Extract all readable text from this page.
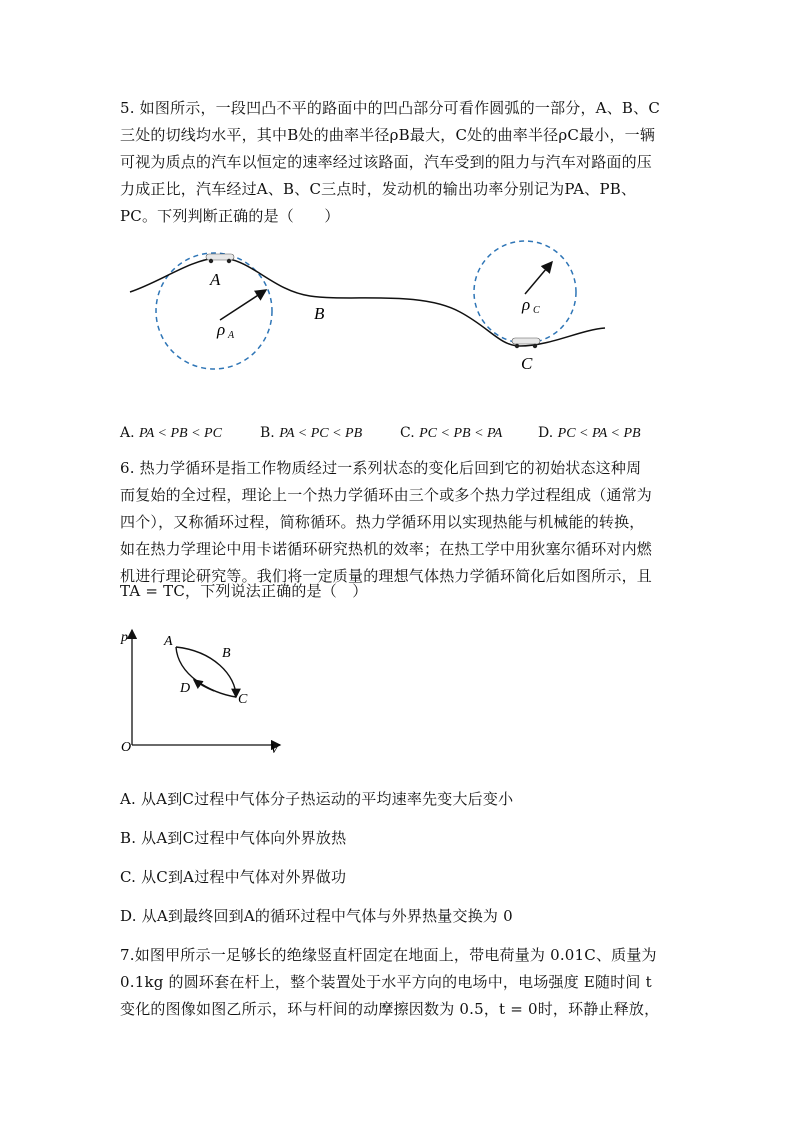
5. 如图所示，一段凹凸不平的路面中的凹凸部分可看作圆弧的一部分，A、B、C
三处的切线均水平，其中B处的曲率半径ρB最大，C处的曲率半径ρC最小，一辆
可视为质点的汽车以恒定的速率经过该路面，汽车受到的阻力与汽车对路面的压
力成正比，汽车经过A、B、C三点时，发动机的输出功率分别记为PA、PB、
PC。下列判断正确的是（　　）
A
B
C
ρ A
ρ C
A. PA < PB < PC	B. PA < PC < PB	C. PC < PB < PA	D. PC < PA < PB
6. 热力学循环是指工作物质经过一系列状态的变化后回到它的初始状态这种周
而复始的全过程，理论上一个热力学循环由三个或多个热力学过程组成（通常为
四个），又称循环过程，简称循环。热力学循环用以实现热能与机械能的转换，
如在热力学理论中用卡诺循环研究热机的效率；在热工学中用狄塞尔循环对内燃
机进行理论研究等。我们将一定质量的理想气体热力学循环简化后如图所示，且
TA = TC，下列说法正确的是（　）
p
V
O
A
B
C
D
A. 从A到C过程中气体分子热运动的平均速率先变大后变小
B. 从A到C过程中气体向外界放热
C. 从C到A过程中气体对外界做功
D. 从A到最终回到A的循环过程中气体与外界热量交换为 0
7.如图甲所示一足够长的绝缘竖直杆固定在地面上，带电荷量为 0.01C、质量为
0.1kg 的圆环套在杆上，整个装置处于水平方向的电场中，电场强度 E随时间 t
变化的图像如图乙所示，环与杆间的动摩擦因数为 0.5，t = 0时，环静止释放，
